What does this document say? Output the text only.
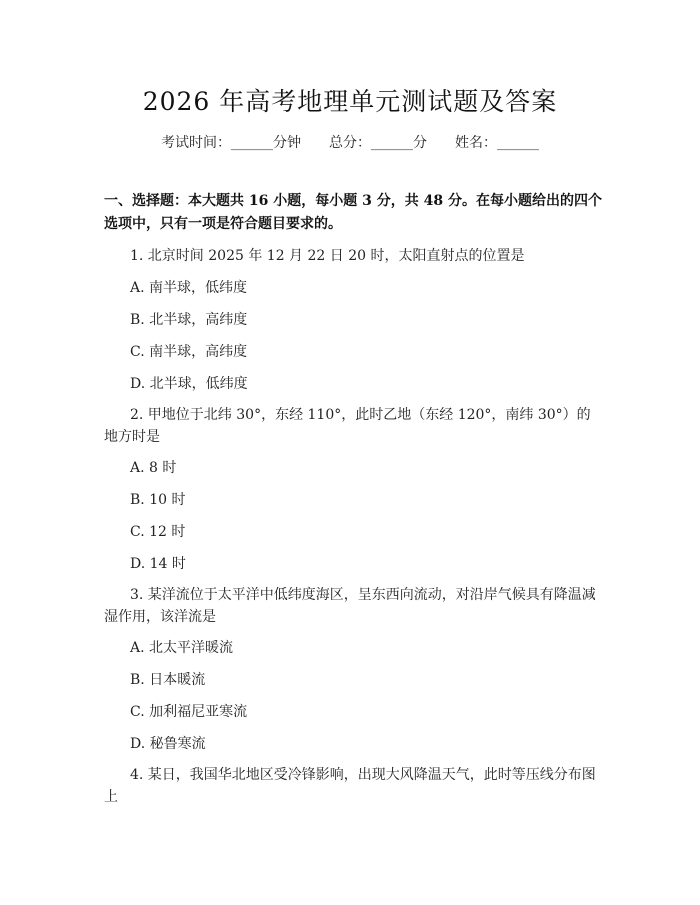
2026 年高考地理单元测试题及答案
考试时间：______分钟 总分：______分 姓名：______
一、选择题：本大题共 16 小题，每小题 3 分，共 48 分。在每小题给出的四个选项中，只有一项是符合题目要求的。
1. 北京时间 2025 年 12 月 22 日 20 时，太阳直射点的位置是
A. 南半球，低纬度
B. 北半球，高纬度
C. 南半球，高纬度
D. 北半球，低纬度
2. 甲地位于北纬 30°，东经 110°，此时乙地（东经 120°，南纬 30°）的
地方时是
A. 8 时
B. 10 时
C. 12 时
D. 14 时
3. 某洋流位于太平洋中低纬度海区，呈东西向流动，对沿岸气候具有降温减
湿作用，该洋流是
A. 北太平洋暖流
B. 日本暖流
C. 加利福尼亚寒流
D. 秘鲁寒流
4. 某日，我国华北地区受冷锋影响，出现大风降温天气，此时等压线分布图
上
